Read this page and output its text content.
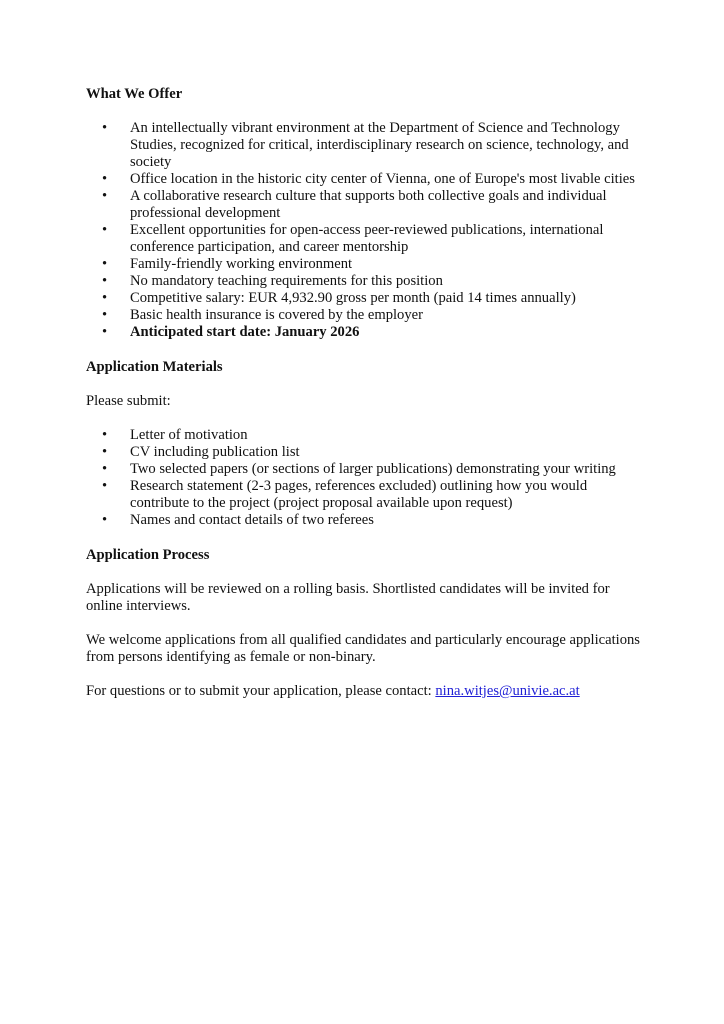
What We Offer
• An intellectually vibrant environment at the Department of Science and Technology Studies, recognized for critical, interdisciplinary research on science, technology, and society
• Office location in the historic city center of Vienna, one of Europe's most livable cities
• A collaborative research culture that supports both collective goals and individual professional development
• Excellent opportunities for open-access peer-reviewed publications, international conference participation, and career mentorship
• Family-friendly working environment
• No mandatory teaching requirements for this position
• Competitive salary: EUR 4,932.90 gross per month (paid 14 times annually)
• Basic health insurance is covered by the employer
• Anticipated start date: January 2026
Application Materials

Please submit:

• Letter of motivation
• CV including publication list
• Two selected papers (or sections of larger publications) demonstrating your writing
• Research statement (2-3 pages, references excluded) outlining how you would contribute to the project (project proposal available upon request)
• Names and contact details of two referees
Application Process

Applications will be reviewed on a rolling basis. Shortlisted candidates will be invited for online interviews.

We welcome applications from all qualified candidates and particularly encourage applications from persons identifying as female or non-binary.

For questions or to submit your application, please contact: nina.witjes@univie.ac.at
